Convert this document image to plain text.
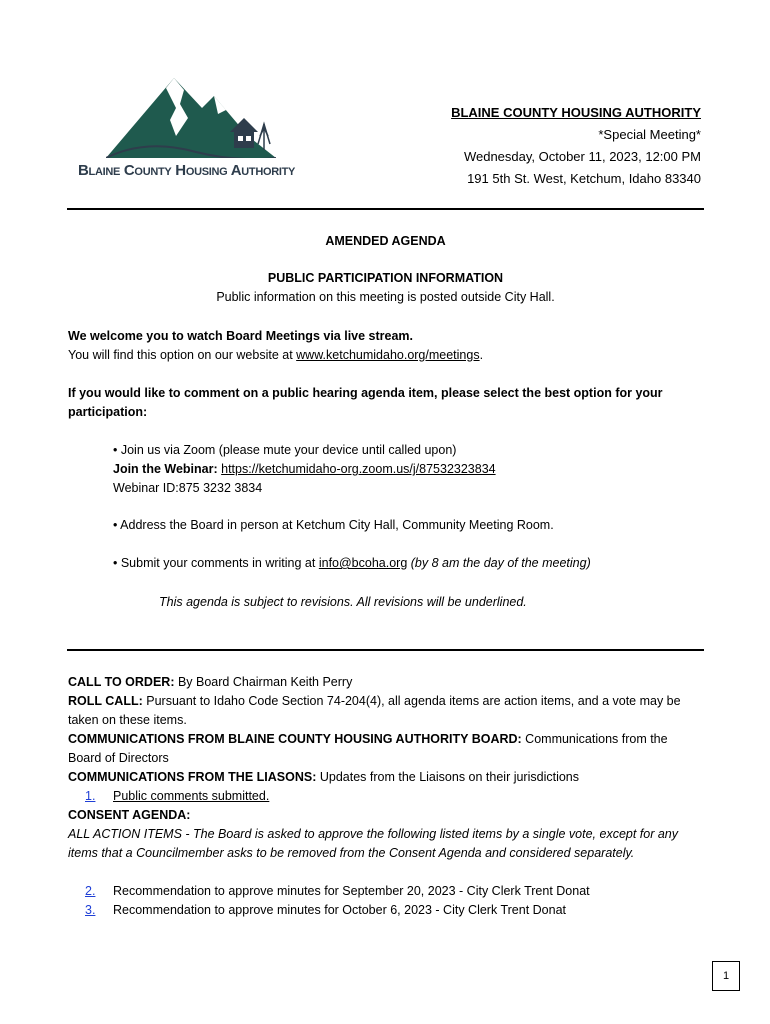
Blaine County Housing Authority
BLAINE COUNTY HOUSING AUTHORITY
*Special Meeting*
Wednesday, October 11, 2023, 12:00 PM
191 5th St. West, Ketchum, Idaho 83340
AMENDED AGENDA
PUBLIC PARTICIPATION INFORMATION
Public information on this meeting is posted outside City Hall.
We welcome you to watch Board Meetings via live stream.
You will find this option on our website at www.ketchumidaho.org/meetings.
If you would like to comment on a public hearing agenda item, please select the best option for your participation:
• Join us via Zoom (please mute your device until called upon)
Join the Webinar: https://ketchumidaho-org.zoom.us/j/87532323834
Webinar ID:875 3232 3834
• Address the Board in person at Ketchum City Hall, Community Meeting Room.
• Submit your comments in writing at info@bcoha.org (by 8 am the day of the meeting)
This agenda is subject to revisions. All revisions will be underlined.
CALL TO ORDER: By Board Chairman Keith Perry
ROLL CALL: Pursuant to Idaho Code Section 74-204(4), all agenda items are action items, and a vote may be taken on these items.
COMMUNICATIONS FROM BLAINE COUNTY HOUSING AUTHORITY BOARD: Communications from the Board of Directors
COMMUNICATIONS FROM THE LIASONS: Updates from the Liaisons on their jurisdictions
1. Public comments submitted.
CONSENT AGENDA:
ALL ACTION ITEMS - The Board is asked to approve the following listed items by a single vote, except for any items that a Councilmember asks to be removed from the Consent Agenda and considered separately.
2. Recommendation to approve minutes for September 20, 2023 - City Clerk Trent Donat
3. Recommendation to approve minutes for October 6, 2023 - City Clerk Trent Donat
1
